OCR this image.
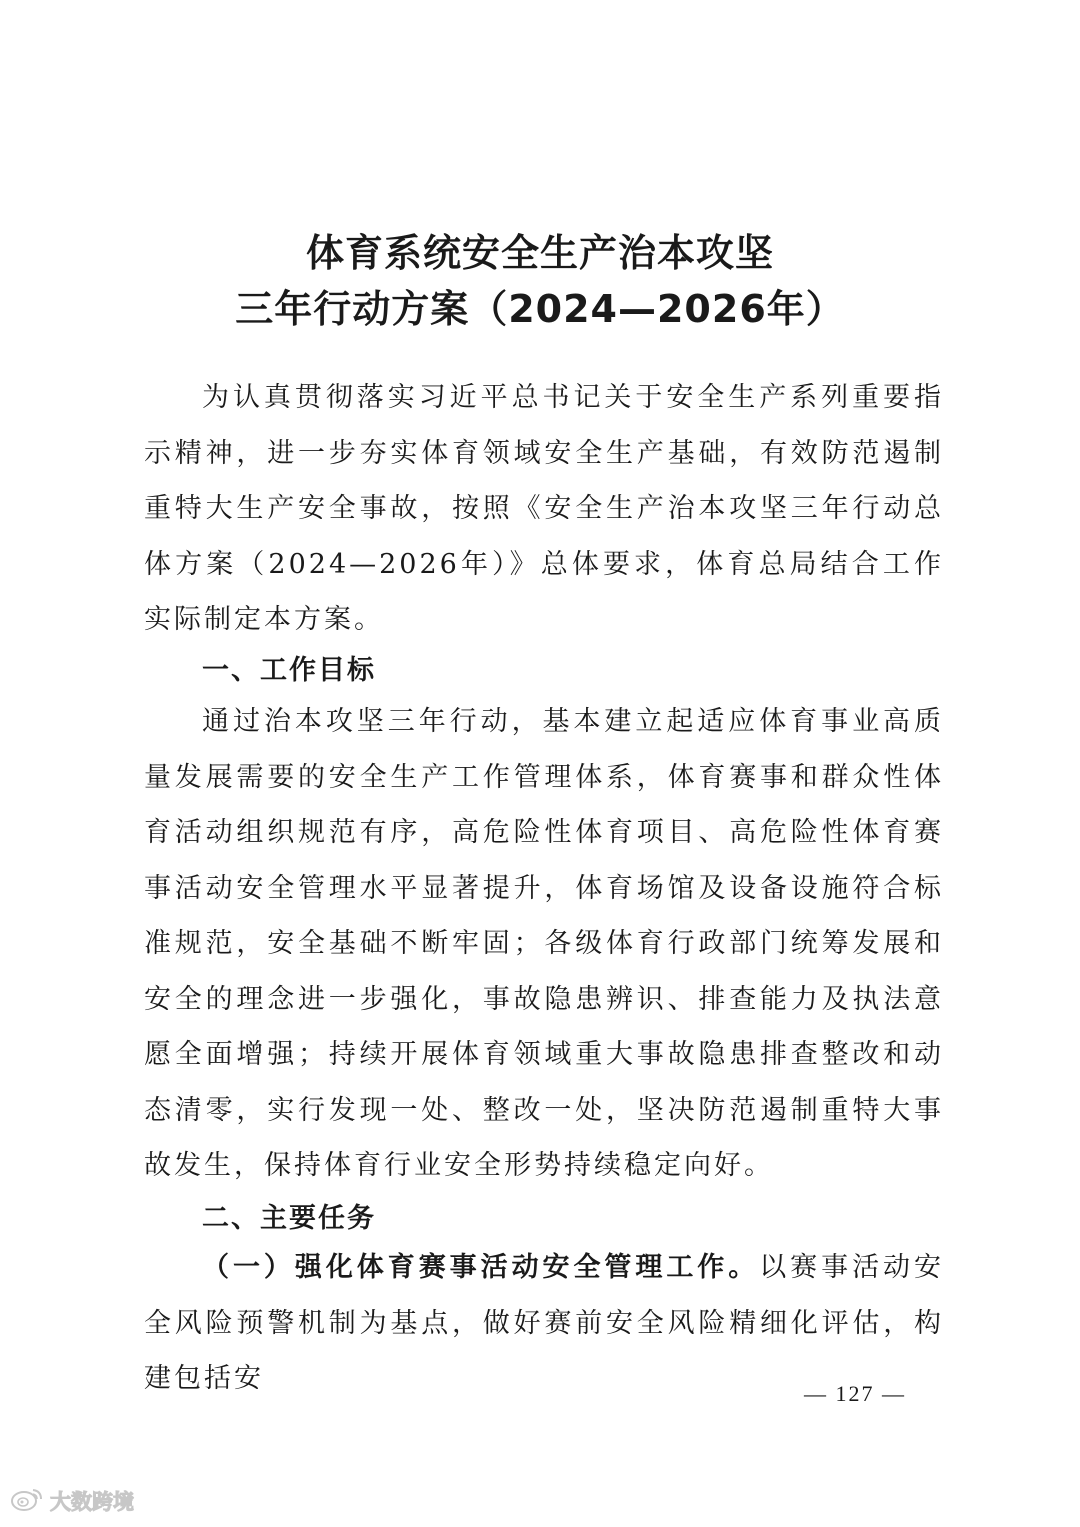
体育系统安全生产治本攻坚
三年行动方案（2024—2026年）

为认真贯彻落实习近平总书记关于安全生产系列重要指示精神，进一步夯实体育领域安全生产基础，有效防范遏制重特大生产安全事故，按照《安全生产治本攻坚三年行动总体方案（2024—2026年）》总体要求，体育总局结合工作实际制定本方案。

一、工作目标

通过治本攻坚三年行动，基本建立起适应体育事业高质量发展需要的安全生产工作管理体系，体育赛事和群众性体育活动组织规范有序，高危险性体育项目、高危险性体育赛事活动安全管理水平显著提升，体育场馆及设备设施符合标准规范，安全基础不断牢固；各级体育行政部门统筹发展和安全的理念进一步强化，事故隐患辨识、排查能力及执法意愿全面增强；持续开展体育领域重大事故隐患排查整改和动态清零，实行发现一处、整改一处，坚决防范遏制重特大事故发生，保持体育行业安全形势持续稳定向好。

二、主要任务

（一）强化体育赛事活动安全管理工作。以赛事活动安全风险预警机制为基点，做好赛前安全风险精细化评估，构建包括安	— 127 —
大数跨境
